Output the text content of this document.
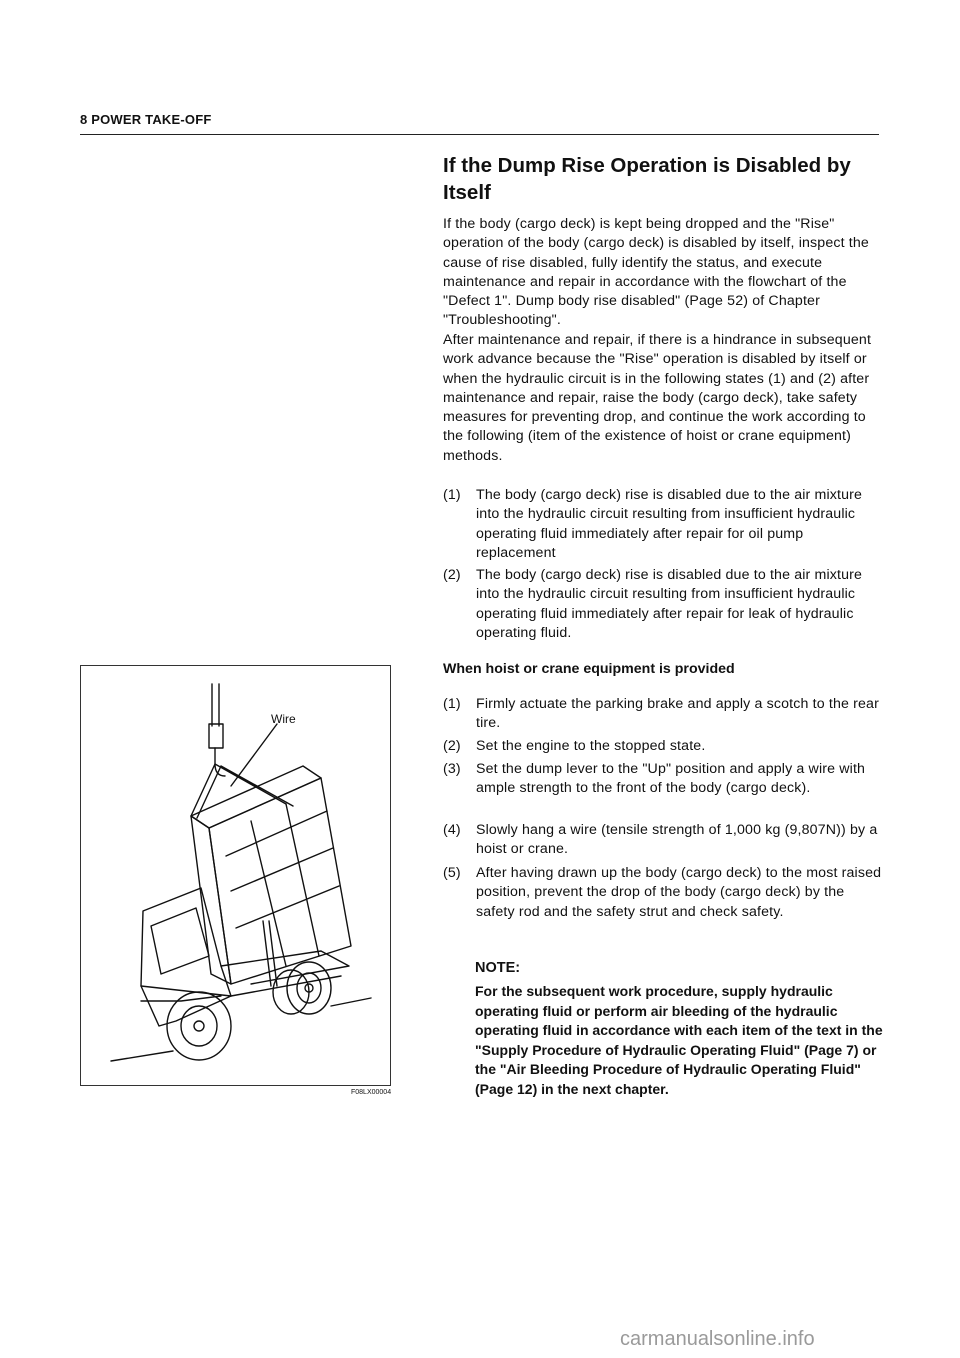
8 POWER TAKE-OFF
If the Dump Rise Operation is Disabled by Itself

If the body (cargo deck) is kept being dropped and the "Rise" operation of the body (cargo deck) is disabled by itself, inspect the cause of rise disabled, fully identify the status, and execute maintenance and repair in accordance with the flowchart of the "Defect 1". Dump body rise disabled" (Page 52) of Chapter "Troubleshooting".

After maintenance and repair, if there is a hindrance in subsequent work advance because the "Rise" operation is disabled by itself or when the hydraulic circuit is in the following states (1) and (2) after maintenance and repair, raise the body (cargo deck), take safety measures for preventing drop, and continue the work according to the following (item of the existence of hoist or crane equipment) methods.

(1) The body (cargo deck) rise is disabled due to the air mixture into the hydraulic circuit resulting from insufficient hydraulic operating fluid immediately after repair for oil pump replacement
(2) The body (cargo deck) rise is disabled due to the air mixture into the hydraulic circuit resulting from insufficient hydraulic operating fluid immediately after repair for leak of hydraulic operating fluid.
When hoist or crane equipment is provided
(1) Firmly actuate the parking brake and apply a scotch to the rear tire.
(2) Set the engine to the stopped state.
(3) Set the dump lever to the "Up" position and apply a wire with ample strength to the front of the body (cargo deck).
(4) Slowly hang a wire (tensile strength of 1,000 kg (9,807N)) by a hoist or crane.
(5) After having drawn up the body (cargo deck) to the most raised position, prevent the drop of the body (cargo deck) by the safety rod and the safety strut and check safety.
NOTE:
For the subsequent work procedure, supply hydraulic operating fluid or perform air bleeding of the hydraulic operating fluid in accordance with each item of the text in the "Supply Procedure of Hydraulic Operating Fluid" (Page 7) or the "Air Bleeding Procedure of Hydraulic Operating Fluid" (Page 12) in the next chapter.
Wire
F08LX00004
carmanualsonline.info
